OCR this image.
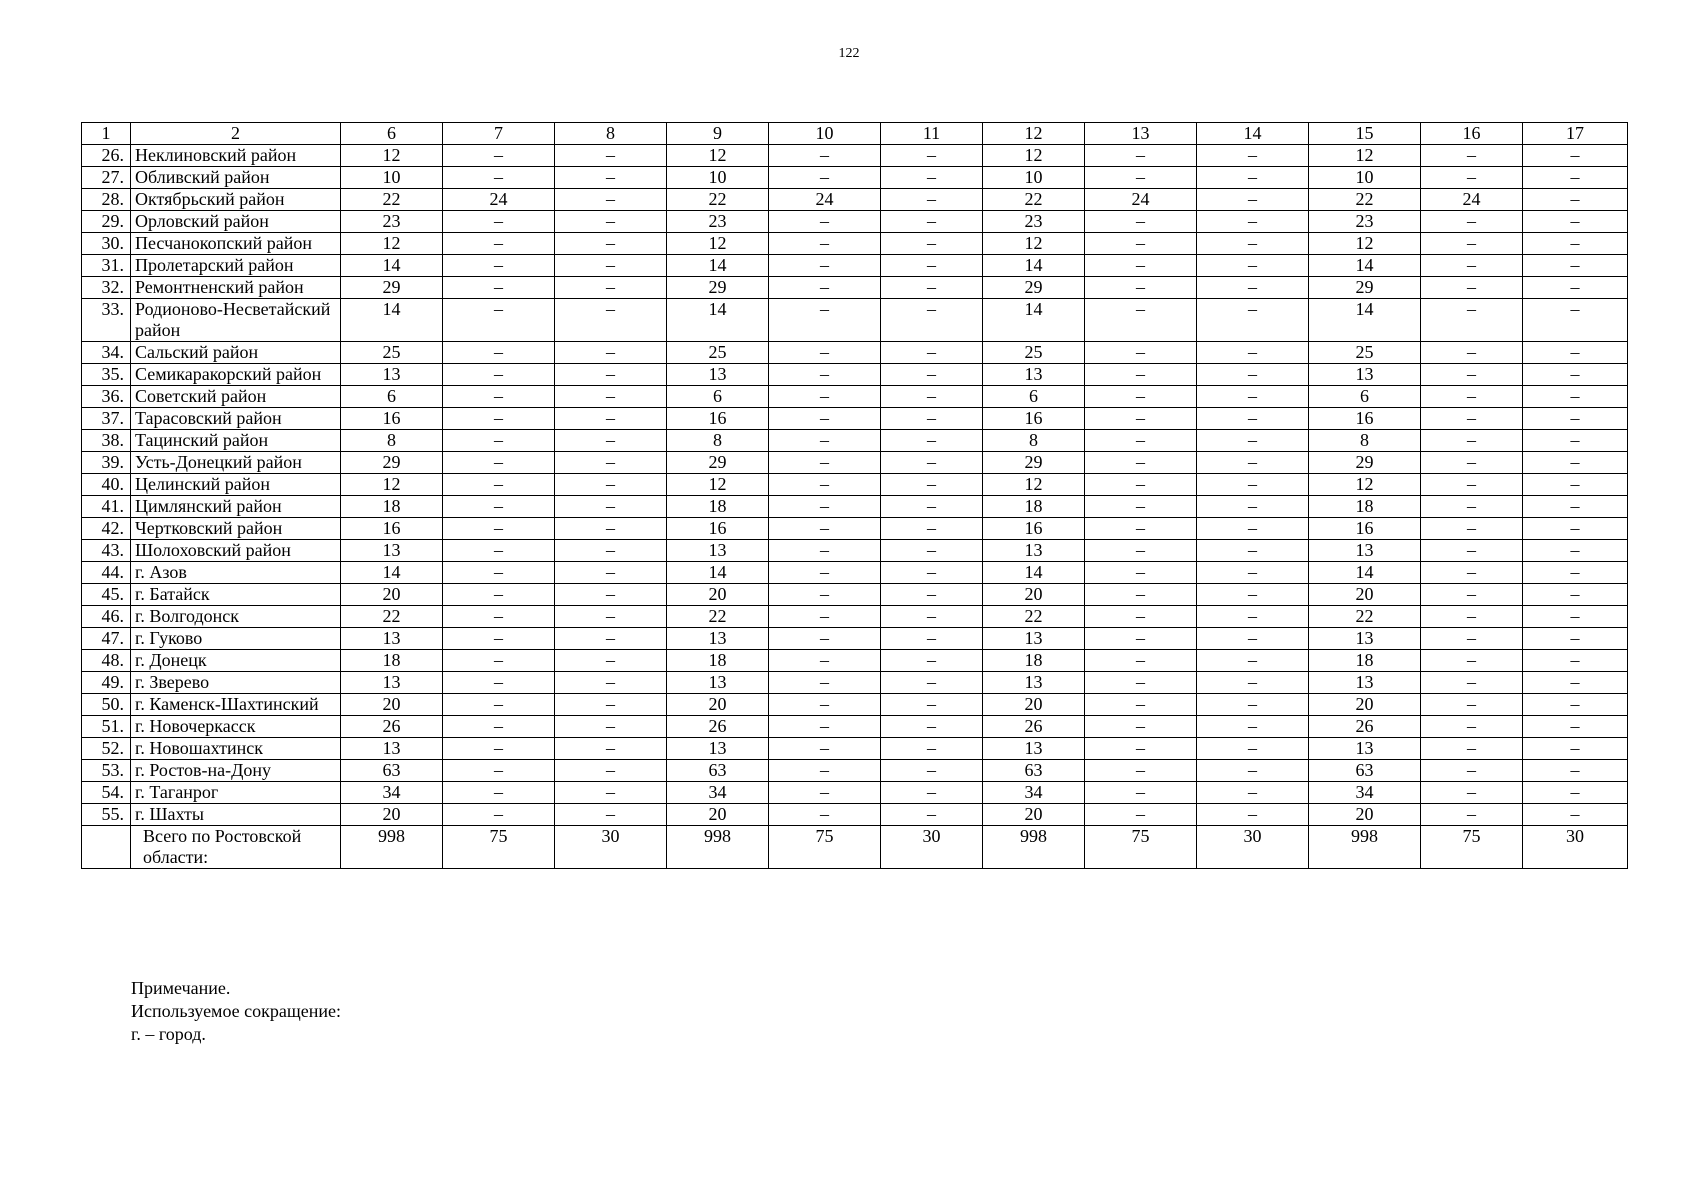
122
1	2	6	7	8	9	10	11	12	13	14	15	16	17
26.	Неклиновский район	12	–	–	12	–	–	12	–	–	12	–	–
27.	Обливский район	10	–	–	10	–	–	10	–	–	10	–	–
28.	Октябрьский район	22	24	–	22	24	–	22	24	–	22	24	–
29.	Орловский район	23	–	–	23	–	–	23	–	–	23	–	–
30.	Песчанокопский район	12	–	–	12	–	–	12	–	–	12	–	–
31.	Пролетарский район	14	–	–	14	–	–	14	–	–	14	–	–
32.	Ремонтненский район	29	–	–	29	–	–	29	–	–	29	–	–
33.	Родионово-Несветайский район	14	–	–	14	–	–	14	–	–	14	–	–
34.	Сальский район	25	–	–	25	–	–	25	–	–	25	–	–
35.	Семикаракорский район	13	–	–	13	–	–	13	–	–	13	–	–
36.	Советский район	6	–	–	6	–	–	6	–	–	6	–	–
37.	Тарасовский район	16	–	–	16	–	–	16	–	–	16	–	–
38.	Тацинский район	8	–	–	8	–	–	8	–	–	8	–	–
39.	Усть-Донецкий район	29	–	–	29	–	–	29	–	–	29	–	–
40.	Целинский район	12	–	–	12	–	–	12	–	–	12	–	–
41.	Цимлянский район	18	–	–	18	–	–	18	–	–	18	–	–
42.	Чертковский район	16	–	–	16	–	–	16	–	–	16	–	–
43.	Шолоховский район	13	–	–	13	–	–	13	–	–	13	–	–
44.	г. Азов	14	–	–	14	–	–	14	–	–	14	–	–
45.	г. Батайск	20	–	–	20	–	–	20	–	–	20	–	–
46.	г. Волгодонск	22	–	–	22	–	–	22	–	–	22	–	–
47.	г. Гуково	13	–	–	13	–	–	13	–	–	13	–	–
48.	г. Донецк	18	–	–	18	–	–	18	–	–	18	–	–
49.	г. Зверево	13	–	–	13	–	–	13	–	–	13	–	–
50.	г. Каменск-Шахтинский	20	–	–	20	–	–	20	–	–	20	–	–
51.	г. Новочеркасск	26	–	–	26	–	–	26	–	–	26	–	–
52.	г. Новошахтинск	13	–	–	13	–	–	13	–	–	13	–	–
53.	г. Ростов-на-Дону	63	–	–	63	–	–	63	–	–	63	–	–
54.	г. Таганрог	34	–	–	34	–	–	34	–	–	34	–	–
55.	г. Шахты	20	–	–	20	–	–	20	–	–	20	–	–
	Всего по Ростовской области:	998	75	30	998	75	30	998	75	30	998	75	30
Примечание.
Используемое сокращение:
г. – город.
